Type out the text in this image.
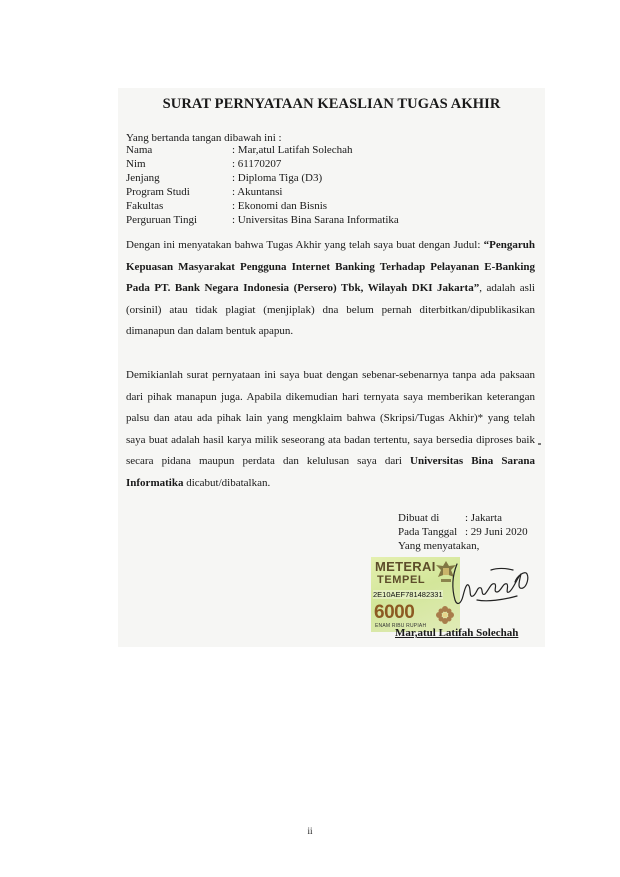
SURAT PERNYATAAN KEASLIAN TUGAS AKHIR
Yang bertanda tangan dibawah ini :
Nama	: Mar,atul Latifah Solechah
Nim	: 61170207
Jenjang	: Diploma Tiga (D3)
Program Studi	: Akuntansi
Fakultas	: Ekonomi dan Bisnis
Perguruan Tingi	: Universitas Bina Sarana Informatika
Dengan ini menyatakan bahwa Tugas Akhir yang telah saya buat dengan Judul: “Pengaruh Kepuasan Masyarakat Pengguna Internet Banking Terhadap Pelayanan E-Banking Pada PT. Bank Negara Indonesia (Persero) Tbk, Wilayah DKI Jakarta”, adalah asli (orsinil) atau tidak plagiat (menjiplak) dna belum pernah diterbitkan/dipublikasikan dimanapun dan dalam bentuk apapun.
Demikianlah surat pernyataan ini saya buat dengan sebenar-sebenarnya tanpa ada paksaan dari pihak manapun juga. Apabila dikemudian hari ternyata saya memberikan keterangan palsu dan atau ada pihak lain yang mengklaim bahwa (Skripsi/Tugas Akhir)* yang telah saya buat adalah hasil karya milik seseorang ata badan tertentu, saya bersedia diproses baik secara pidana maupun perdata dan kelulusan saya dari Universitas Bina Sarana Informatika dicabut/dibatalkan.
Dibuat di : Jakarta
Pada Tanggal : 29 Juni 2020
Yang menyatakan,
METERAI
TEMPEL
2E10AEF781482331
6000
ENAM RIBU RUPIAH
Mar,atul Latifah Solechah
ii
